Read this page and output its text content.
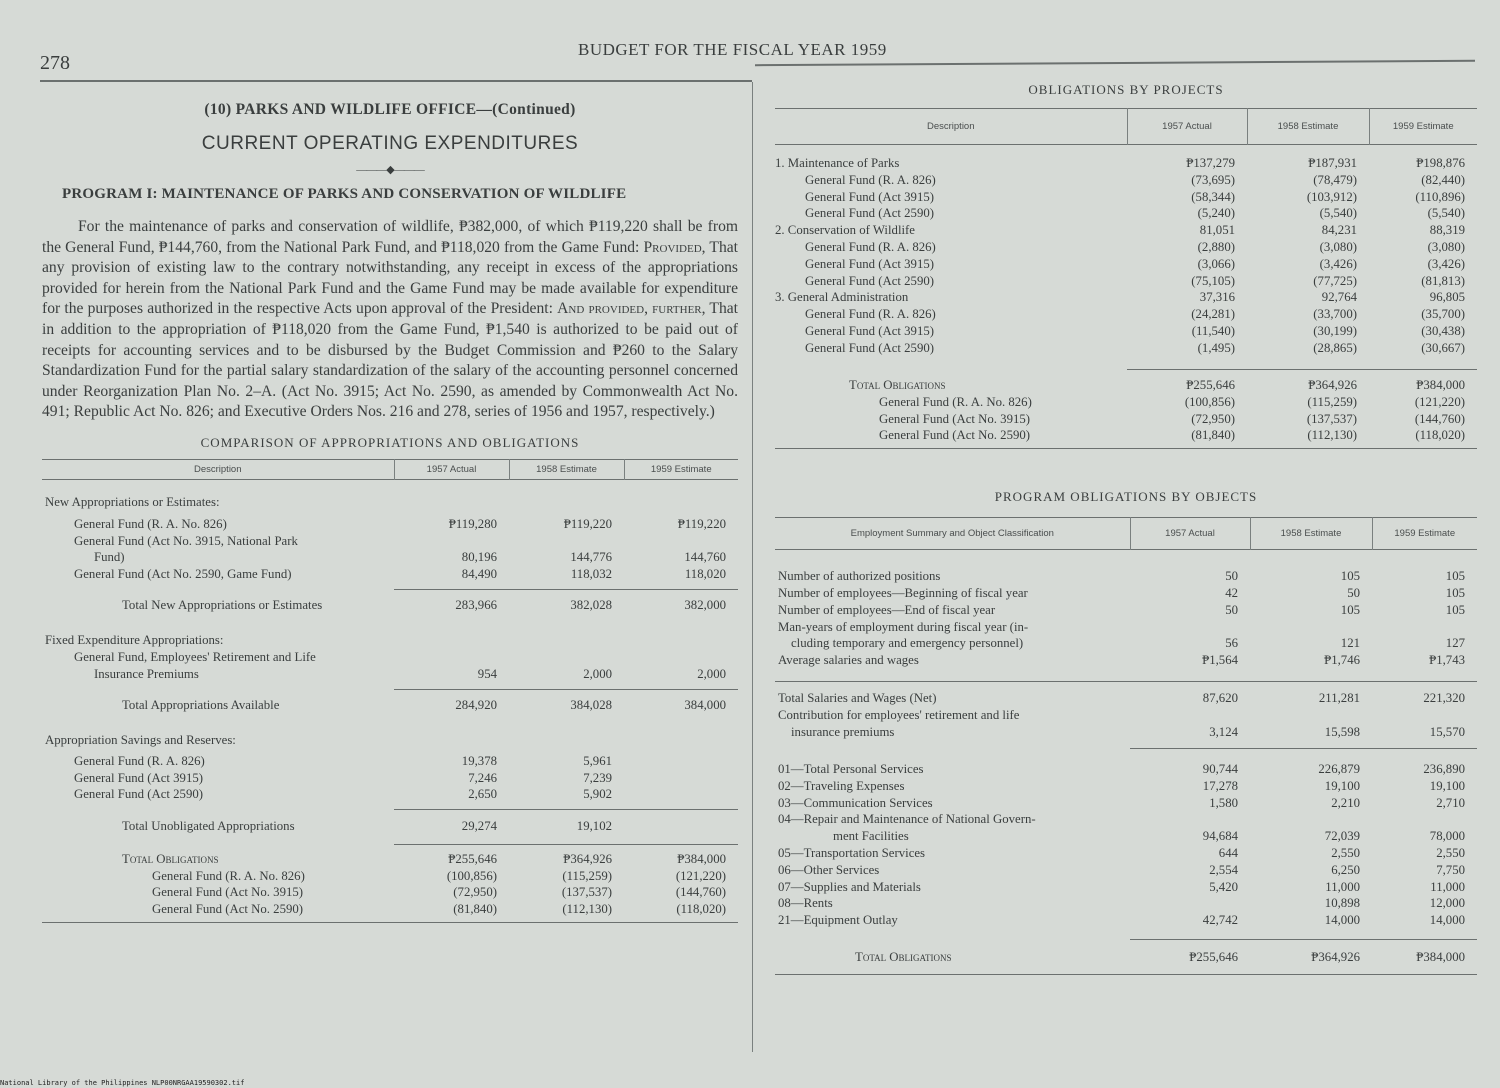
278
BUDGET FOR THE FISCAL YEAR 1959
(10) PARKS AND WILDLIFE OFFICE—(Continued)
CURRENT OPERATING EXPENDITURES
———◆———
PROGRAM I: MAINTENANCE OF PARKS AND CONSERVATION OF WILDLIFE

For the maintenance of parks and conservation of wildlife, ₱382,000, of which ₱119,220 shall be from the General Fund, ₱144,760, from the National Park Fund, and ₱118,020 from the Game Fund: Provided, That any provision of existing law to the contrary notwithstanding, any receipt in excess of the appropriations provided for herein from the National Park Fund and the Game Fund may be made available for expenditure for the purposes authorized in the respective Acts upon approval of the President: And provided, further, That in addition to the appropriation of ₱118,020 from the Game Fund, ₱1,540 is authorized to be paid out of receipts for accounting services and to be disbursed by the Budget Commission and ₱260 to the Salary Standardization Fund for the partial salary standardization of the salary of the accounting personnel concerned under Reorganization Plan No. 2–A. (Act No. 3915; Act No. 2590, as amended by Commonwealth Act No. 491; Republic Act No. 826; and Executive Orders Nos. 216 and 278, series of 1956 and 1957, respectively.)

COMPARISON OF APPROPRIATIONS AND OBLIGATIONS
Description	1957 Actual	1958 Estimate	1959 Estimate

New Appropriations or Estimates:			

General Fund (R. A. No. 826)	₱119,280	₱119,220	₱119,220
General Fund (Act No. 3915, National Park			
Fund)	80,196	144,776	144,760
General Fund (Act No. 2590, Game Fund)	84,490	118,032	118,020

Total New Appropriations or Estimates	283,966	382,028	382,000

Fixed Expenditure Appropriations:			
General Fund, Employees' Retirement and Life			
Insurance Premiums	954	2,000	2,000

Total Appropriations Available	284,920	384,028	384,000

Appropriation Savings and Reserves:			

General Fund (R. A. 826)	19,378	5,961	
General Fund (Act 3915)	7,246	7,239	
General Fund (Act 2590)	2,650	5,902	

Total Unobligated Appropriations	29,274	19,102	

Total Obligations	₱255,646	₱364,926	₱384,000
General Fund (R. A. No. 826)	(100,856)	(115,259)	(121,220)
General Fund (Act No. 3915)	(72,950)	(137,537)	(144,760)
General Fund (Act No. 2590)	(81,840)	(112,130)	(118,020)

OBLIGATIONS BY PROJECTS
Description	1957 Actual	1958 Estimate	1959 Estimate

1. Maintenance of Parks	₱137,279	₱187,931	₱198,876
General Fund (R. A. 826)	(73,695)	(78,479)	(82,440)
General Fund (Act 3915)	(58,344)	(103,912)	(110,896)
General Fund (Act 2590)	(5,240)	(5,540)	(5,540)
2. Conservation of Wildlife	81,051	84,231	88,319
General Fund (R. A. 826)	(2,880)	(3,080)	(3,080)
General Fund (Act 3915)	(3,066)	(3,426)	(3,426)
General Fund (Act 2590)	(75,105)	(77,725)	(81,813)
3. General Administration	37,316	92,764	96,805
General Fund (R. A. 826)	(24,281)	(33,700)	(35,700)
General Fund (Act 3915)	(11,540)	(30,199)	(30,438)
General Fund (Act 2590)	(1,495)	(28,865)	(30,667)

Total Obligations	₱255,646	₱364,926	₱384,000
General Fund (R. A. No. 826)	(100,856)	(115,259)	(121,220)
General Fund (Act No. 3915)	(72,950)	(137,537)	(144,760)
General Fund (Act No. 2590)	(81,840)	(112,130)	(118,020)

PROGRAM OBLIGATIONS BY OBJECTS
Employment Summary and Object Classification	1957 Actual	1958 Estimate	1959 Estimate

Number of authorized positions	50	105	105
Number of employees—Beginning of fiscal year	42	50	105
Number of employees—End of fiscal year	50	105	105
Man-years of employment during fiscal year (in-			
cluding temporary and emergency personnel)	56	121	127
Average salaries and wages	₱1,564	₱1,746	₱1,743

Total Salaries and Wages (Net)	87,620	211,281	221,320
Contribution for employees' retirement and life			
insurance premiums	3,124	15,598	15,570

01—Total Personal Services	90,744	226,879	236,890
02—Traveling Expenses	17,278	19,100	19,100
03—Communication Services	1,580	2,210	2,710
04—Repair and Maintenance of National Govern-			
ment Facilities	94,684	72,039	78,000
05—Transportation Services	644	2,550	2,550
06—Other Services	2,554	6,250	7,750
07—Supplies and Materials	5,420	11,000	11,000
08—Rents		10,898	12,000
21—Equipment Outlay	42,742	14,000	14,000

Total Obligations	₱255,646	₱364,926	₱384,000

National Library of the Philippines NLP00NRGAA19590302.tif
